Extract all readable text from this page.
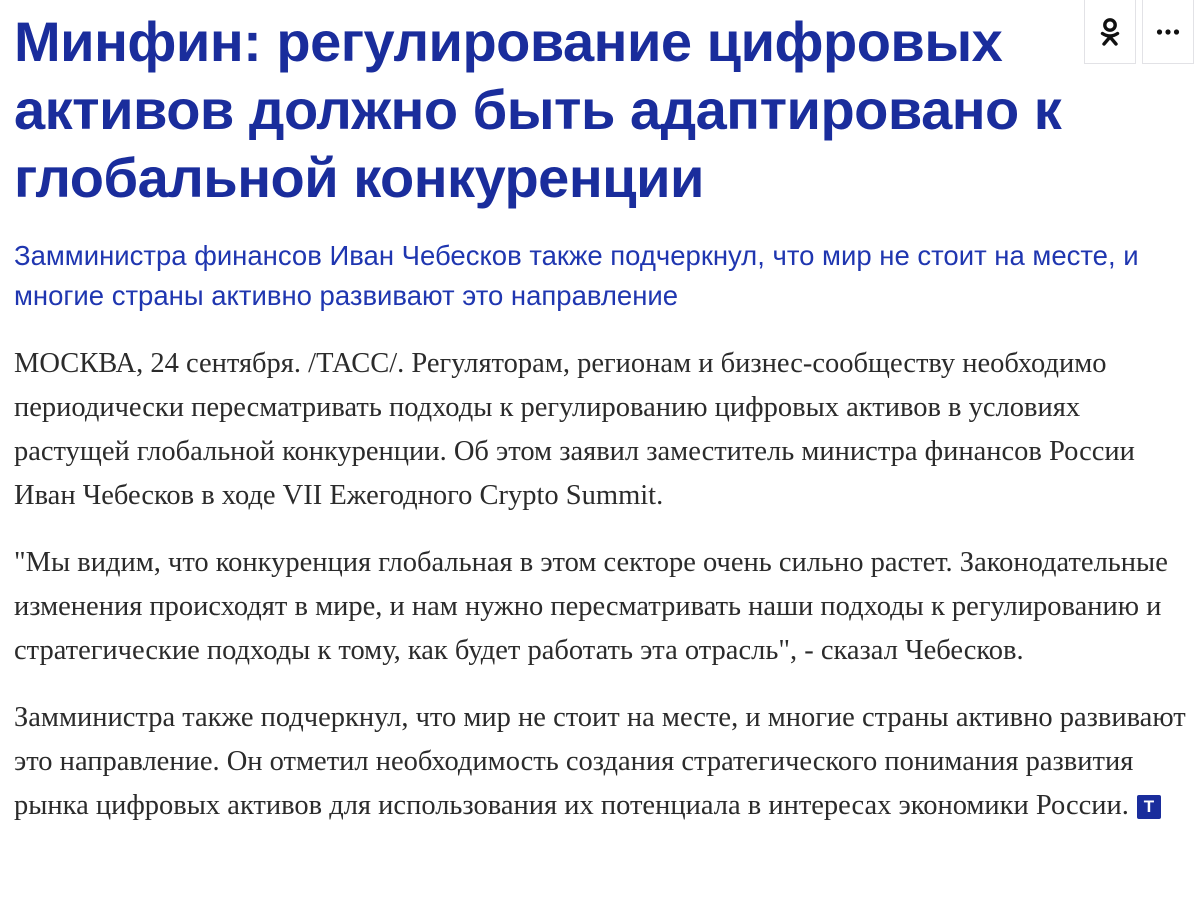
Минфин: регулирование цифровых активов должно быть адаптировано к глобальной конкуренции

Замминистра финансов Иван Чебесков также подчеркнул, что мир не стоит на месте, и многие страны активно развивают это направление

МОСКВА, 24 сентября. /ТАСС/. Регуляторам, регионам и бизнес-сообществу необходимо периодически пересматривать подходы к регулированию цифровых активов в условиях растущей глобальной конкуренции. Об этом заявил заместитель министра финансов России Иван Чебесков в ходе VII Ежегодного Crypto Summit.

"Мы видим, что конкуренция глобальная в этом секторе очень сильно растет. Законодательные изменения происходят в мире, и нам нужно пересматривать наши подходы к регулированию и стратегические подходы к тому, как будет работать эта отрасль", - сказал Чебесков.

Замминистра также подчеркнул, что мир не стоит на месте, и многие страны активно развивают это направление. Он отметил необходимость создания стратегического понимания развития рынка цифровых активов для использования их потенциала в интересах экономики России. Т
